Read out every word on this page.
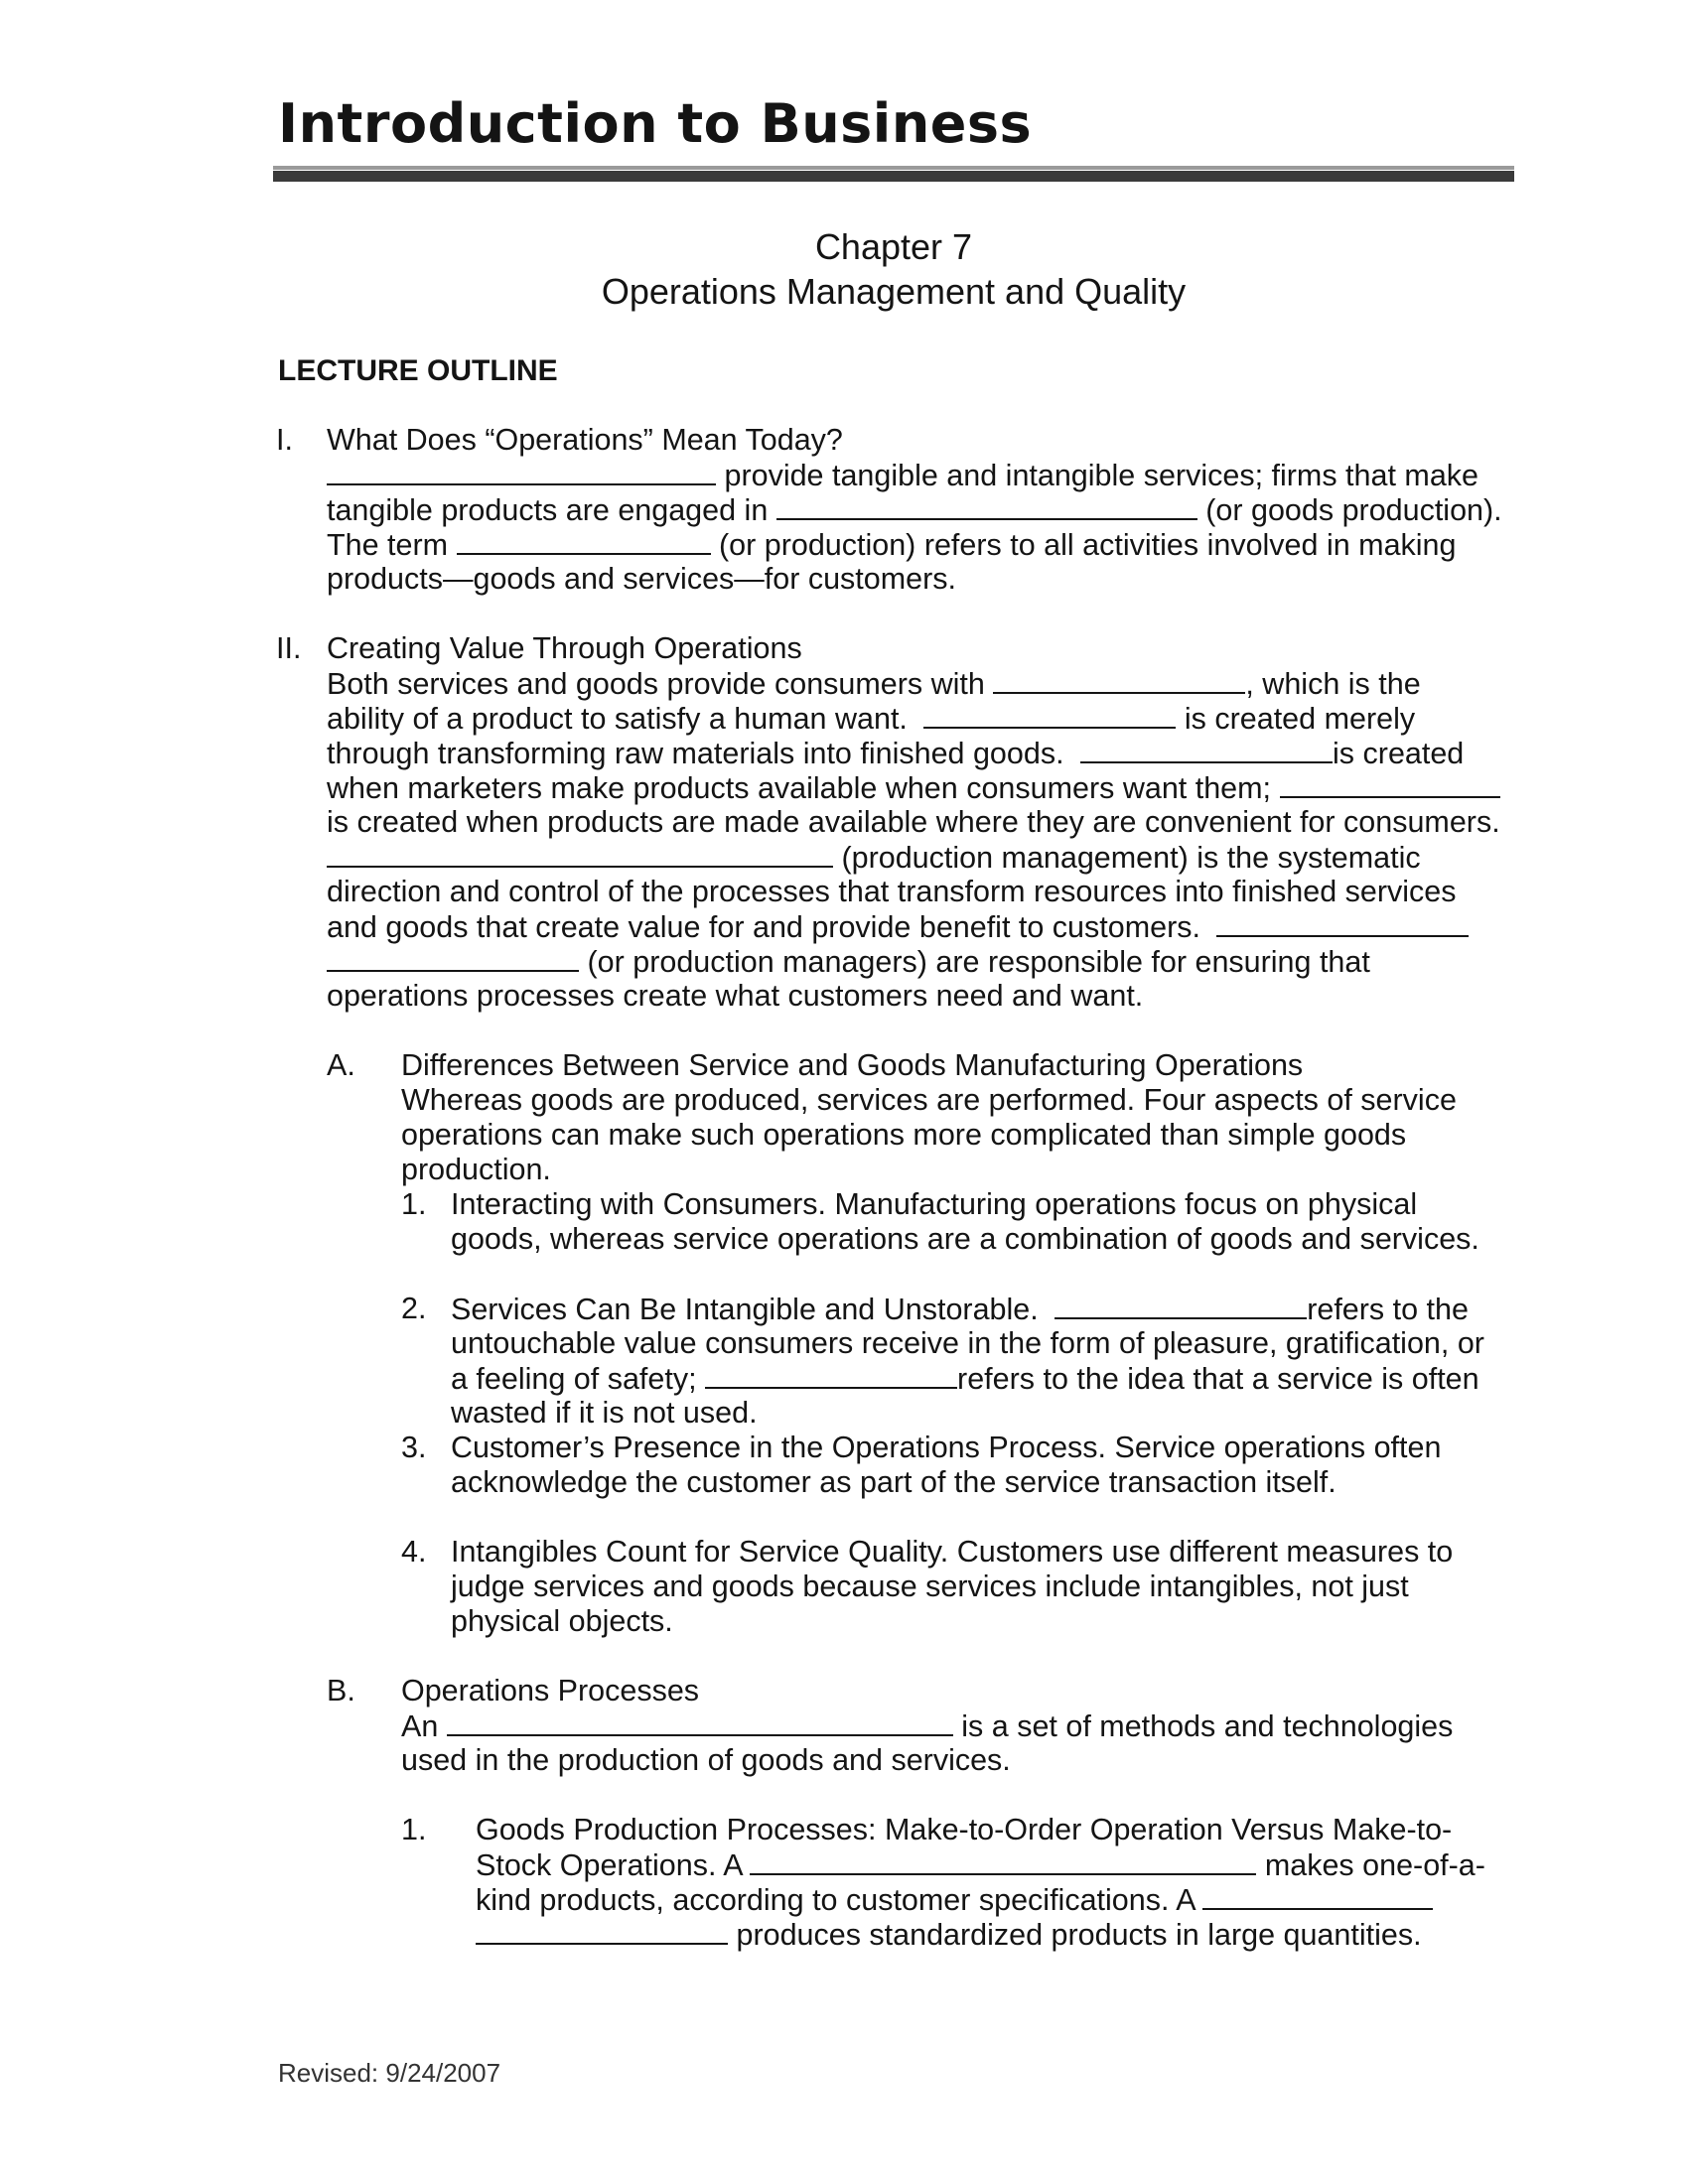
Introduction to Business
Chapter 7
Operations Management and Quality
LECTURE OUTLINE
I. What Does “Operations” Mean Today?
provide tangible and intangible services; firms that make
tangible products are engaged in	(or goods production).
The term	(or production) refers to all activities involved in making
products—goods and services—for customers.
II. Creating Value Through Operations
Both services and goods provide consumers with	, which is the
ability of a product to satisfy a human want.	is created merely
through transforming raw materials into finished goods.	is created
when marketers make products available when consumers want them;
is created when products are made available where they are convenient for consumers.
(production management) is the systematic
direction and control of the processes that transform resources into finished services
and goods that create value for and provide benefit to customers.
(or production managers) are responsible for ensuring that
operations processes create what customers need and want.
A. Differences Between Service and Goods Manufacturing Operations
Whereas goods are produced, services are performed. Four aspects of service
operations can make such operations more complicated than simple goods
production.
1. Interacting with Consumers. Manufacturing operations focus on physical
goods, whereas service operations are a combination of goods and services.
2. Services Can Be Intangible and Unstorable.	refers to the
untouchable value consumers receive in the form of pleasure, gratification, or
a feeling of safety;	refers to the idea that a service is often
wasted if it is not used.
3. Customer’s Presence in the Operations Process. Service operations often
acknowledge the customer as part of the service transaction itself.
4. Intangibles Count for Service Quality. Customers use different measures to
judge services and goods because services include intangibles, not just
physical objects.
B. Operations Processes
An	is a set of methods and technologies
used in the production of goods and services.
1. Goods Production Processes: Make-to-Order Operation Versus Make-to-
Stock Operations. A	makes one-of-a-
kind products, according to customer specifications. A
produces standardized products in large quantities.
Revised: 9/24/2007
